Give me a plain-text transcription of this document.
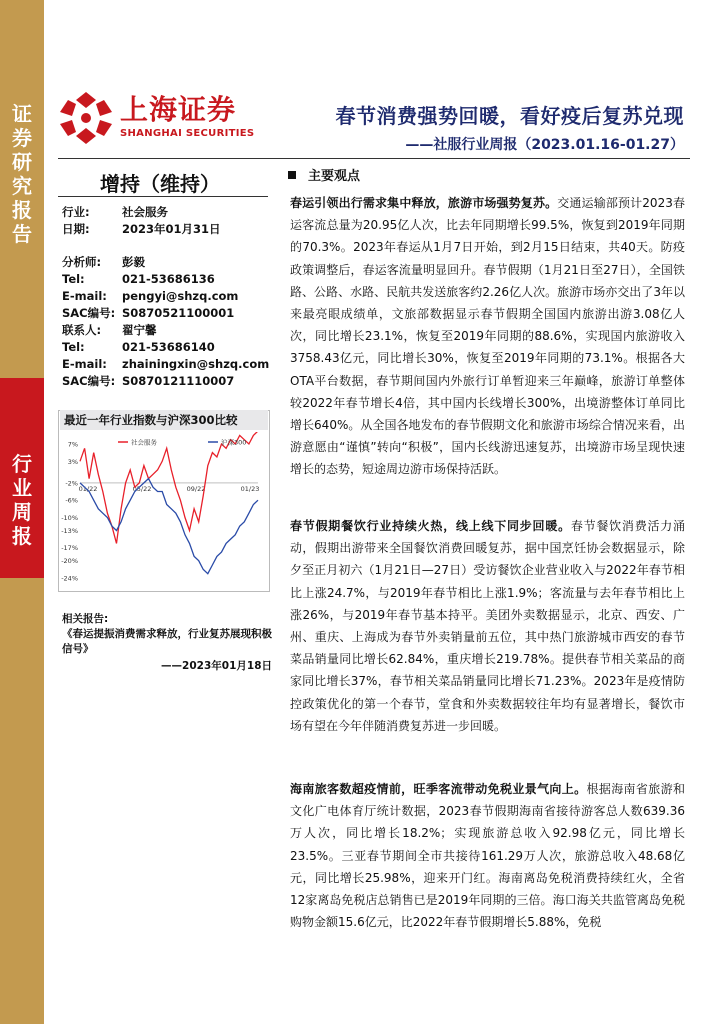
证券研究报告
行业周报
上海证券
SHANGHAI SECURITIES
春节消费强势回暖，看好疫后复苏兑现
——社服行业周报（2023.01.16-01.27）
增持（维持）
行业:	社会服务
日期:	2023年01月31日
分析师: 彭毅
Tel:	021-53686136
E-mail: pengyi@shzq.com
SAC编号: S0870521100001
联系人: 翟宁馨
Tel:	021-53686140
E-mail: zhainingxin@shzq.com
SAC编号: S0870121110007
最近一年行业指数与沪深300比较
7%
3%
-2%
-6%
-10%
-13%
-17%
-20%
-24%
01/22	05/22	09/22	01/23
社会服务	沪深300
相关报告:
《春运提振消费需求释放，行业复苏展现积极信号》
——2023年01月18日
主要观点
春运引领出行需求集中释放，旅游市场强势复苏。交通运输部预计2023春运客流总量为20.95亿人次，比去年同期增长99.5%，恢复到2019年同期的70.3%。2023年春运从1月7日开始，到2月15日结束，共40天。防疫政策调整后，春运客流量明显回升。春节假期（1月21日至27日），全国铁路、公路、水路、民航共发送旅客约2.26亿人次。旅游市场亦交出了3年以来最亮眼成绩单，文旅部数据显示春节假期全国国内旅游出游3.08亿人次，同比增长23.1%，恢复至2019年同期的88.6%，实现国内旅游收入3758.43亿元，同比增长30%，恢复至2019年同期的73.1%。根据各大OTA平台数据，春节期间国内外旅行订单暂迎来三年巅峰，旅游订单整体较2022年春节增长4倍，其中国内长线增长300%，出境游整体订单同比增长640%。从全国各地发布的春节假期文化和旅游市场综合情况来看，出游意愿由“谨慎”转向“积极”，国内长线游迅速复苏，出境游市场呈现快速增长的态势，短途周边游市场保持活跃。
春节假期餐饮行业持续火热，线上线下同步回暖。春节餐饮消费活力涌动，假期出游带来全国餐饮消费回暖复苏，据中国烹饪协会数据显示，除夕至正月初六（1月21日—27日）受访餐饮企业营业收入与2022年春节相比上涨24.7%，与2019年春节相比上涨1.9%；客流量与去年春节相比上涨26%，与2019年春节基本持平。美团外卖数据显示，北京、西安、广州、重庆、上海成为春节外卖销量前五位，其中热门旅游城市西安的春节菜品销量同比增长62.84%，重庆增长219.78%。提供春节相关菜品的商家同比增长37%，春节相关菜品销量同比增长71.23%。2023年是疫情防控政策优化的第一个春节，堂食和外卖数据较往年均有显著增长，餐饮市场有望在今年伴随消费复苏进一步回暖。
海南旅客数超疫情前，旺季客流带动免税业景气向上。根据海南省旅游和文化广电体育厅统计数据，2023春节假期海南省接待游客总人数639.36万人次，同比增长18.2%；实现旅游总收入92.98亿元，同比增长23.5%。三亚春节期间全市共接待161.29万人次，旅游总收入48.68亿元，同比增长25.98%，迎来开门红。海南离岛免税消费持续红火，全省12家离岛免税店总销售已是2019年同期的三倍。海口海关共监管离岛免税购物金额15.6亿元，比2022年春节假期增长5.88%，免税
